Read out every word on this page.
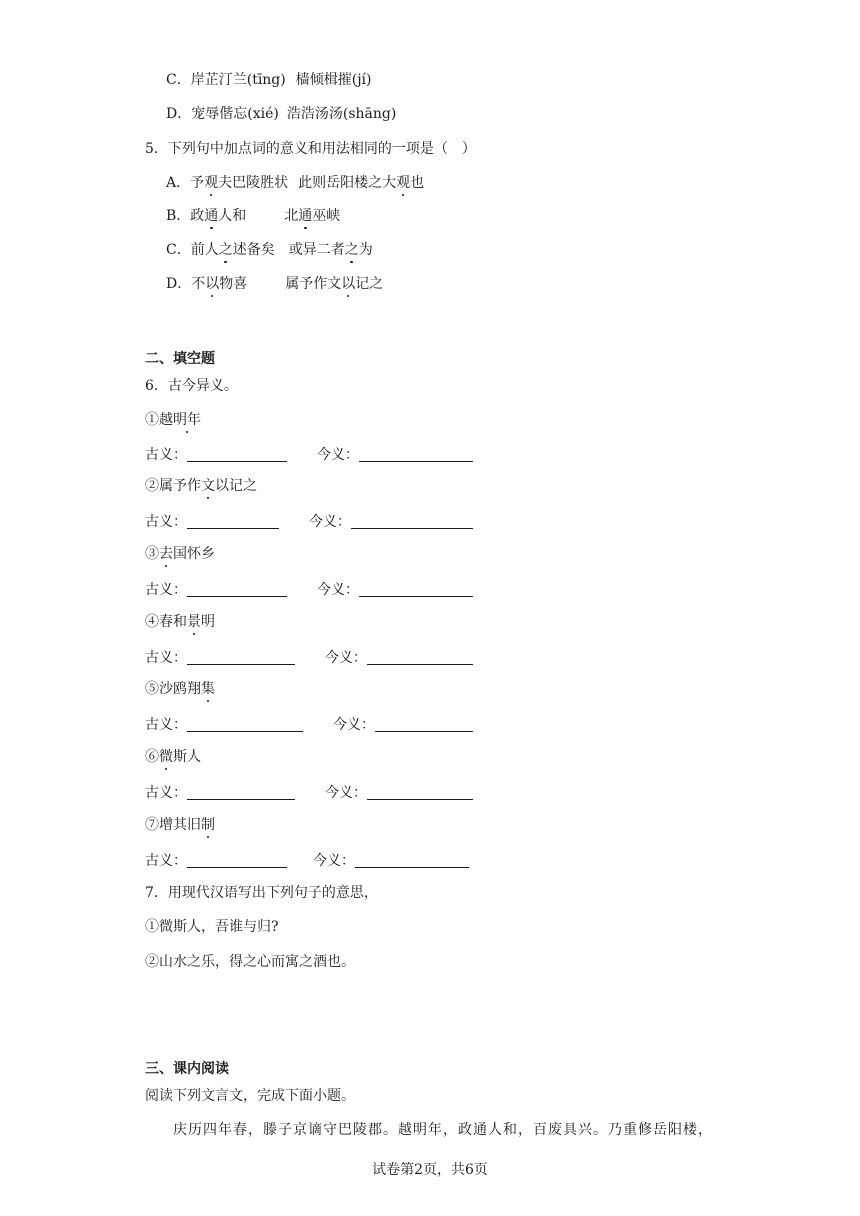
C．岸芷汀兰(tīng) 樯倾楫摧(jí)
D．宠辱偕忘(xié) 浩浩汤汤(shāng)
5．下列句中加点词的意义和用法相同的一项是（　）
A．予观夫巴陵胜状 此则岳阳楼之大观也
B．政通人和	北通巫峡
C．前人之述备矣 或异二者之为
D．不以物喜	属予作文以记之
二、填空题
6．古今异义。
①越明年
古义：	今义：
②属予作文以记之
古义：	今义：
③去国怀乡
古义：	今义：
④春和景明
古义：	今义：
⑤沙鸥翔集
古义：	今义：
⑥微斯人
古义：	今义：
⑦增其旧制
古义：	今义：
7．用现代汉语写出下列句子的意思，
①微斯人，吾谁与归?
②山水之乐，得之心而寓之酒也。
三、课内阅读
阅读下列文言文，完成下面小题。
庆历四年春，滕子京谪守巴陵郡。越明年，政通人和，百废具兴。乃重修岳阳楼，
试卷第2页，共6页
